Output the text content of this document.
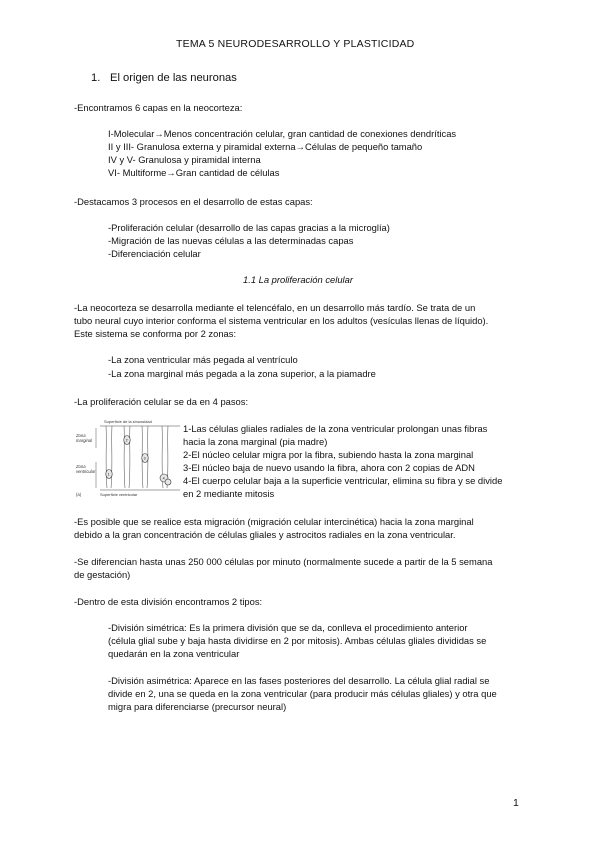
TEMA 5 NEURODESARROLLO Y PLASTICIDAD
1. El origen de las neuronas
-Encontramos 6 capas en la neocorteza:
I-Molecular→Menos concentración celular, gran cantidad de conexiones dendríticas
II y III- Granulosa externa y piramidal externa→Células de pequeño tamaño
IV y V- Granulosa y piramidal interna
VI- Multiforme→Gran cantidad de células
-Destacamos 3 procesos en el desarrollo de estas capas:
-Proliferación celular (desarrollo de las capas gracias a la microglía)
-Migración de las nuevas células a las determinadas capas
-Diferenciación celular
1.1 La proliferación celular
-La neocorteza se desarrolla mediante el telencéfalo, en un desarrollo más tardío. Se trata de un
tubo neural cuyo interior conforma el sistema ventricular en los adultos (vesículas llenas de líquido).
Este sistema se conforma por 2 zonas:
-La zona ventricular más pegada al ventrículo
-La zona marginal más pegada a la zona superior, a la piamadre
-La proliferación celular se da en 4 pasos:
Superficie de la sinuosidad
Zona
marginal
Zona
ventricular
1
2
3
4
(a)	Superficie ventricular
1-Las células gliales radiales de la zona ventricular prolongan unas fibras
hacia la zona marginal (pia madre)
2-El núcleo celular migra por la fibra, subiendo hasta la zona marginal
3-El núcleo baja de nuevo usando la fibra, ahora con 2 copias de ADN
4-El cuerpo celular baja a la superficie ventricular, elimina su fibra y se divide
en 2 mediante mitosis
-Es posible que se realice esta migración (migración celular intercinética) hacia la zona marginal
debido a la gran concentración de células gliales y astrocitos radiales en la zona ventricular.
-Se diferencian hasta unas 250 000 células por minuto (normalmente sucede a partir de la 5 semana
de gestación)
-Dentro de esta división encontramos 2 tipos:
-División simétrica: Es la primera división que se da, conlleva el procedimiento anterior
(célula glial sube y baja hasta dividirse en 2 por mitosis). Ambas células gliales divididas se
quedarán en la zona ventricular
-División asimétrica: Aparece en las fases posteriores del desarrollo. La célula glial radial se
divide en 2, una se queda en la zona ventricular (para producir más células gliales) y otra que
migra para diferenciarse (precursor neural)
1
